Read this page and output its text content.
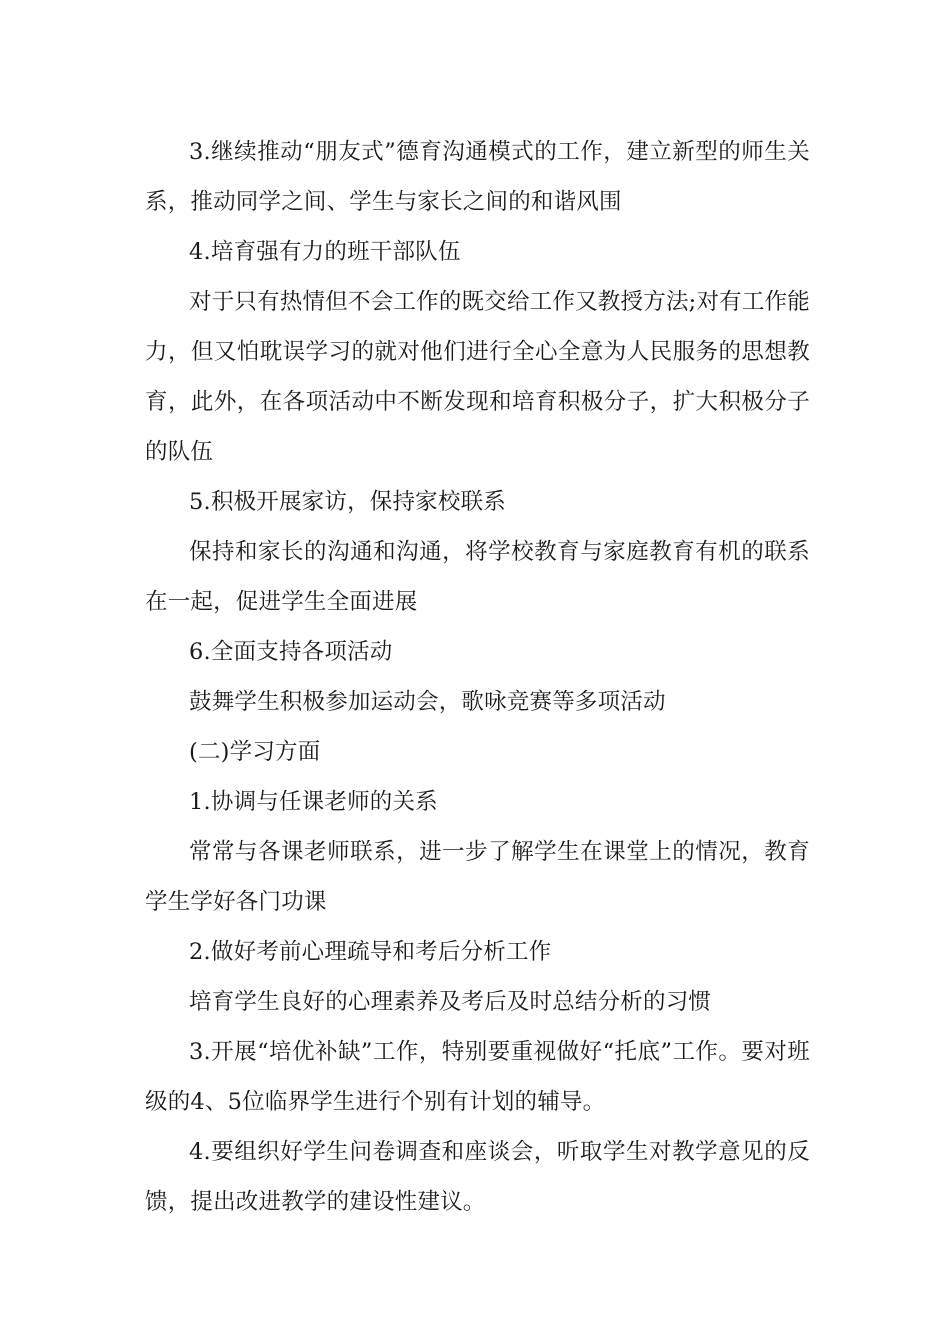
3.继续推动“朋友式”德育沟通模式的工作，建立新型的师生关系，推动同学之间、学生与家长之间的和谐风围

4.培育强有力的班干部队伍

对于只有热情但不会工作的既交给工作又教授方法;对有工作能力，但又怕耽误学习的就对他们进行全心全意为人民服务的思想教育，此外，在各项活动中不断发现和培育积极分子，扩大积极分子的队伍

5.积极开展家访，保持家校联系

保持和家长的沟通和沟通，将学校教育与家庭教育有机的联系在一起，促进学生全面进展

6.全面支持各项活动

鼓舞学生积极参加运动会，歌咏竞赛等多项活动

(二)学习方面

1.协调与任课老师的关系

常常与各课老师联系，进一步了解学生在课堂上的情况，教育学生学好各门功课

2.做好考前心理疏导和考后分析工作

培育学生良好的心理素养及考后及时总结分析的习惯

3.开展“培优补缺”工作，特别要重视做好“托底”工作。要对班级的4、5位临界学生进行个别有计划的辅导。

4.要组织好学生问卷调查和座谈会，听取学生对教学意见的反馈，提出改进教学的建设性建议。
